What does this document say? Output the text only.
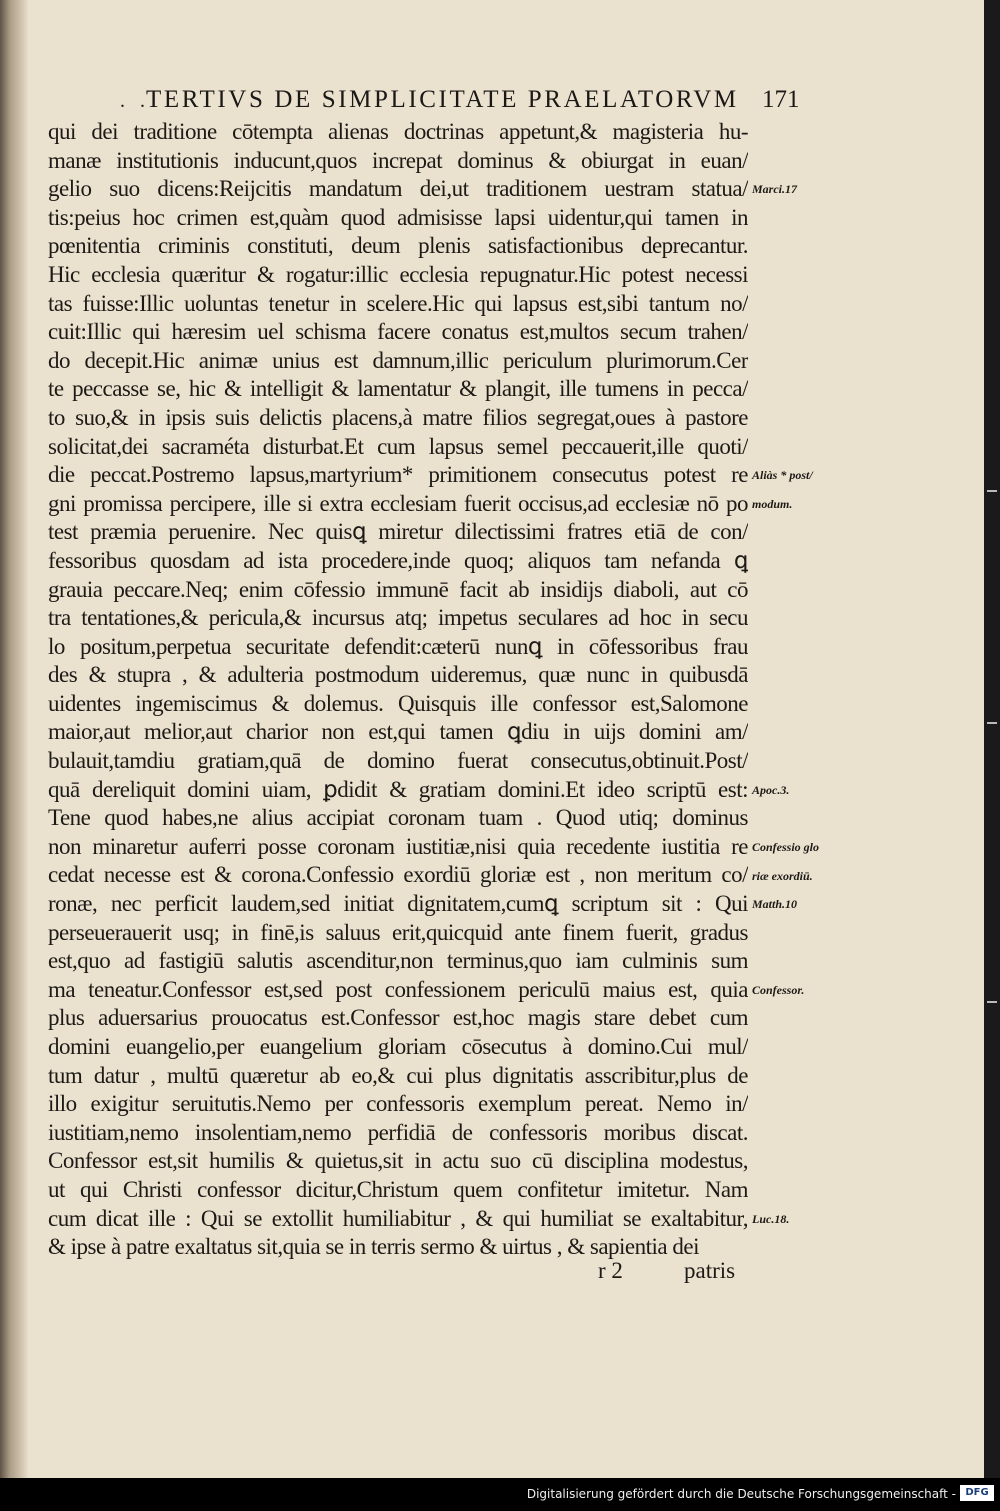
. .
TERTIVS DE SIMPLICITATE PRAELATORVM 171
qui dei traditione cōtempta alienas doctrinas appetunt,& magisteria hu-
manæ institutionis inducunt,quos increpat dominus & obiurgat in euan/
gelio suo dicens:Reijcitis mandatum dei,ut traditionem uestram statua/
tis:peius hoc crimen est,quàm quod admisisse lapsi uidentur,qui tamen in
pœnitentia criminis constituti, deum plenis satisfactionibus deprecantur.
Hic ecclesia quæritur & rogatur:illic ecclesia repugnatur.Hic potest necessi
tas fuisse:Illic uoluntas tenetur in scelere.Hic qui lapsus est,sibi tantum no/
cuit:Illic qui hæresim uel schisma facere conatus est,multos secum trahen/
do decepit.Hic animæ unius est damnum,illic periculum plurimorum.Cer
te peccasse se, hic & intelligit & lamentatur & plangit, ille tumens in pecca/
to suo,& in ipsis suis delictis placens,à matre filios segregat,oues à pastore
solicitat,dei sacraméta disturbat.Et cum lapsus semel peccauerit,ille quoti/
die peccat.Postremo lapsus,martyrium* primitionem consecutus potest re
gni promissa percipere, ille si extra ecclesiam fuerit occisus,ad ecclesiæ nō po
test præmia peruenire. Nec quisꝗ miretur dilectissimi fratres etiā de con/
fessoribus quosdam ad ista procedere,inde quoq; aliquos tam nefanda ꝗ
grauia peccare.Neq; enim cōfessio immunē facit ab insidijs diaboli, aut cō
tra tentationes,& pericula,& incursus atq; impetus seculares ad hoc in secu
lo positum,perpetua securitate defendit:cæterū nunꝗ in cōfessoribus frau
des & stupra , & adulteria postmodum uideremus, quæ nunc in quibusdā
uidentes ingemiscimus & dolemus. Quisquis ille confessor est,Salomone
maior,aut melior,aut charior non est,qui tamen ꝗdiu in uijs domini am/
bulauit,tamdiu gratiam,quā de domino fuerat consecutus,obtinuit.Post/
quā dereliquit domini uiam, ꝑdidit & gratiam domini.Et ideo scriptū est:
Tene quod habes,ne alius accipiat coronam tuam . Quod utiq; dominus
non minaretur auferri posse coronam iustitiæ,nisi quia recedente iustitia re
cedat necesse est & corona.Confessio exordiū gloriæ est , non meritum co/
ronæ, nec perficit laudem,sed initiat dignitatem,cumꝗ scriptum sit : Qui
perseuerauerit usq; in finē,is saluus erit,quicquid ante finem fuerit, gradus
est,quo ad fastigiū salutis ascenditur,non terminus,quo iam culminis sum
ma teneatur.Confessor est,sed post confessionem periculū maius est, quia
plus aduersarius prouocatus est.Confessor est,hoc magis stare debet cum
domini euangelio,per euangelium gloriam cōsecutus à domino.Cui mul/
tum datur , multū quæretur ab eo,& cui plus dignitatis asscribitur,plus de
illo exigitur seruitutis.Nemo per confessoris exemplum pereat. Nemo in/
iustitiam,nemo insolentiam,nemo perfidiā de confessoris moribus discat.
Confessor est,sit humilis & quietus,sit in actu suo cū disciplina modestus,
ut qui Christi confessor dicitur,Christum quem confitetur imitetur. Nam
cum dicat ille : Qui se extollit humiliabitur , & qui humiliat se exaltabitur,
& ipse à patre exaltatus sit,quia se in terris sermo & uirtus , & sapientia dei
Marci.17
Aliàs * post/
modum.
Apoc.3.
Confessio glo
riæ exordiū.
Matth.10
Confessor.
Luc.18.
r 2	patris
Digitalisierung gefördert durch die Deutsche Forschungsgemeinschaft - DFG
